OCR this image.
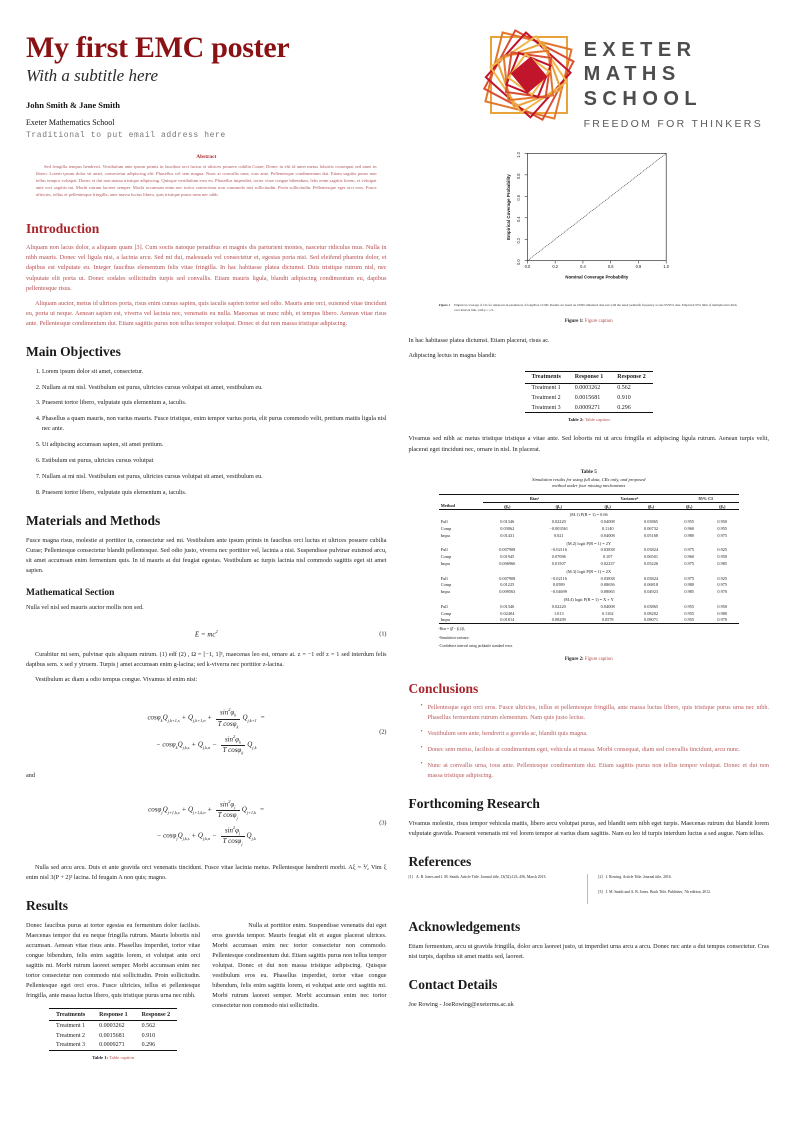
My first EMC poster
With a subtitle here
John Smith & Jane Smith
Exeter Mathematics School
Traditional to put email address here
EXETER
MATHS
SCHOOL
FREEDOM FOR THINKERS
Abstract

Sed fringilla tempus hendrerit. Vestibulum ante ipsum primis in faucibus orci luctus et ultrices posuere cubilia Curae; Donec in elit id amet metus lobortis consequat sed amet in libero. Lorem ipsum dolor sit amet, consectetur adipiscing elit. Phasellus vel sem magna. Nunc at convallis urna, ious ante. Pellentesque condimentum dui. Etiam sagittis purus non tellus tempor volutpat. Donec et dui non massa tristique adipiscing. Quisque vestibulum eros eu. Phasellus imperdiet, tortor vitae congue bibendum, felis enim sagittis lorem, et volutpat ante orci sagittis mi. Morbi rutrum laoreet semper. Morbi accumsan enim nec tortor consectetur non commodo nisi sollicitudin. Proin sollicitudin. Pellentesque eget orci eros. Fusce ultricies, tellus et pellentesque fringilla, ante massa luctus libero, quis tristique purus urna nec nibh.

Introduction

Aliquam non lacus dolor, a aliquam quam [3]. Cum sociis natoque penatibus et magnis dis parturient montes, nascetur ridiculus mus. Nulla in nibh mauris. Donec vel ligula nisi, a lacinia arcu. Sed mi dui, malesuada vel consectetur et, egestas porta nisi. Sed eleifend pharetra dolor, et dapibus est vulputate eu. Integer faucibus elementum felis vitae fringilla. In hac habitasse platea dictumst. Duis tristique rutrum nisl, nec vulputate elit porta ut. Donec sodales sollicitudin turpis sed convallis. Etiam mauris ligula, blandit adipiscing condimentum eu, dapibus pellentesque risus.

Aliquam auctor, metus id ultrices porta, risus enim cursus sapien, quis iaculis sapien tortor sed odio. Mauris ante orci, euismod vitae tincidunt eu, porta ut neque. Aenean sapien est, viverra vel lacinia nec, venenatis eu nulla. Maecenas ut nunc nibh, et tempus libero. Aenean vitae risus ante. Pellentesque condimentum dui. Etiam sagittis purus non tellus tempor volutpat. Donec et dui non massa tristique adipiscing.

Main Objectives
1. Lorem ipsum dolor sit amet, consectetur.
2. Nullam at mi nisl. Vestibulum est purus, ultricies cursus volutpat sit amet, vestibulum eu.
3. Praesent tortor libero, vulputate quis elementum a, iaculis.
4. Phasellus a quam mauris, non varius mauris. Fusce tristique, enim tempor varius porta, elit purus commodo velit, pretium mattis ligula nisl nec ante.
5. Ut adipiscing accumsan sapien, sit amet pretium.
6. Estibulum est purus, ultricies cursus volutpat
7. Nullam at mi nisl. Vestibulum est purus, ultricies cursus volutpat sit amet, vestibulum eu.
8. Praesent tortor libero, vulputate quis elementum a, iaculis.
Materials and Methods

Fusce magna risus, molestie at porttitor in, consectetur sed mi. Vestibulum ante ipsum primis in faucibus orci luctus et ultrices posuere cubilia Curae; Pellentesque consectetur blandit pellentesque. Sed odio justo, viverra nec porttitor vel, lacinia a nisi. Suspendisse pulvinar euismod arcu, sit amet accumsan enim fermentum quis. In id mauris at dui feugiat egestas. Vestibulum ac turpis lacinia nisl commodo sagittis eget sit amet sapien.

Mathematical Section

Nulla vel nisl sed mauris auctor mollis non sed.

$E = mc^2$	(1)

Curabitur mi sem, pulvinar quis aliquam rutrum. (1) edf (2) , Ω = [−1, 1]³, maecenas leo est, ornare at. z = −1 edf z = 1 sed interdum felis dapibus sem. x sed y ytruem. Turpis j amet accumsan enim g-lacina; sed k-viverra nec porttitor z-lacina.

Vestibulum ac diam a odio tempus congue. Vivamus id enim nisi:

$\cos\varphi_kQ_{j,k+1,s} + Q_{j,k+1,n} + \frac{\sin^2\varphi_k}{T \cos\varphi_k} Q_{j,k+1}$  =
− $\cos\varphi_kQ_{j,k,s} + Q_{j,k,n} - \frac{\sin^2\varphi_k}{T \cos\varphi_k} Q_{j,k}$
(2)

and

$\cos\varphi_jQ_{j+1,k,s} + Q_{j+1,k,n} + \frac{\sin^2\varphi_j}{T \cos\varphi_j} Q_{j+1,k}$  =
− $\cos\varphi_jQ_{j,k,s} + Q_{j,k,n} - \frac{\sin^2\varphi_j}{T \cos\varphi_j} Q_{j,k}$
(3)

Nulla sed arcu arcu. Duis et ante gravida orci venenatis tincidunt. Fusce vitae lacinia metus. Pellentesque hendrerit morbi. Aξ = ⅟₂ Vim ξ enim nisl 3(P + 2)³ lacina. Id feugain A non quis; magno.

Results

Donec faucibus purus at tortor egestas eu fermentum dolor facilisis. Maecenas tempor dui eu neque fringilla rutrum. Mauris lobortis nisl accumsan. Aenean vitae risus ante. Phasellus imperdiet, tortor vitae congue bibendum, felis enim sagittis lorem, et volutpat ante orci sagittis mi. Morbi rutrum laoreet semper. Morbi accumsan enim nec tortor consectetur non commodo nisi sollicitudin. Proin sollicitudin. Pellentesque eget orci eros. Fusce ultricies, tellus et pellentesque fringilla, ante massa luctus libero, quis tristique purus urna nec nibh.

Treatments	Response 1	Response 2
Treatment 1	0.0003262	0.562
Treatment 2	0.0015681	0.910
Treatment 3	0.0009271	0.296
Table 1: Table caption

Nulla at porttitor enim. Suspendisse venenatis dui eget eros gravida tempor. Mauris feugiat elit et augue placerat ultrices. Morbi accumsan enim nec tortor consectetur non commodo. Pellentesque condimentum dui. Etiam sagittis purus non tellus tempor volutpat. Donec et dui non massa tristique adipiscing. Quisque vestibulum eros eu. Phasellus imperdiet, tortor vitae congue bibendum, felis enim sagittis lorem, et volutpat ante orci sagittis mi. Morbi rutrum laoreet semper. Morbi accumsan enim nec tortor consectetur non commodo nisi sollicitudin.

0.0	0.2	0.4	0.6	0.8	1.0
0.0
0.2
0.4
0.6
0.8
1.0
Nominal Coverage Probability
Empirical Coverage Probability
Figure 1 Empirical coverage of CIs for unknown-nl parameters of lengthvar CCMI. Results are based on 10000 simulated data sets with the usual jackknife frequency at size 95/95% data. Empirical 95% limit of multiplicative thick over interval link, with p = 1/2.
Figure 1: Figure caption

In hac habitasse platea dictumst. Etiam placerat, risus ac.

Adipiscing lectus in magna blandit:

Treatments	Response 1	Response 2
Treatment 1	0.0003262	0.562
Treatment 2	0.0015681	0.910
Treatment 3	0.0009271	0.296
Table 2: Table caption

Vivamus sed nibh ac metus tristique tristique a vitae ante. Sed lobortis mi ut arcu fringilla et adipiscing ligula rutrum. Aenean turpis velit, placerat eget tincidunt nec, ornare in nisl. In placerat.

Table 5
Simulation results for using full data, CRs only, and proposed
method under four missing mechanisms
	Biasᵃ		Varianceᵇ		95% CI	
Method	(βₐ)	(βₓ)	(βₐ)	(βₓ)	(βₐ)	(βₓ)
(M.1) P(R = 1) = 0.66						
Full	0.01346	0.02220	0.04008	0.03865	0.955	0.950
Comp	0.03062	−0.003561	0.1140	0.06732	0.960	0.955
Impu	0.01431	0.021	0.04008	0.05168	0.980	0.975
(M.2) logit P(R = 1) = 2Y						
Full	0.007908	−0.02116	0.03838	0.03824	0.975	0.925
Comp	0.01945	0.07086	0.107	0.06501	0.960	0.950
Impu	0.006966	0.01507	0.02237	0.05226	0.975	0.985
(M.3) logit P(R = 1) = 2X						
Full	0.007908	−0.02116	0.03838	0.03824	0.975	0.925
Comp	0.01225	0.0589	0.08656	0.06818	0.980	0.975
Impu	0.009563	−0.04699	0.08065	0.04923	0.985	0.970
(M.4) logit P(R = 1) = X + Y						
Full	0.01346	0.02220	0.04008	0.03865	0.955	0.950
Comp	0.02404	1.013	0.1102	0.08202	0.955	0.980
Impu	0.01814	0.08289	0.0578	0.08071	0.955	0.970
ᵃBias = (β̂ − β₀)/β₀
ᵇSimulation variance.
ᶜConfidence interval using jackknife standard error.
Figure 2: Figure caption
Conclusions
• Pellentesque eget orci eros. Fusce ultricies, tellus et pellentesque fringilla, ante massa luctus libero, quis tristique purus urna nec nibh. Phasellus fermentum rutrum elementum. Nam quis justo lectus.
• Vestibulum sem ante, hendrerit a gravida ac, blandit quis magna.
• Donec sem metus, facilisis at condimentum eget, vehicula at massa. Morbi consequat, diam sed convallis tincidunt, arcu nunc.
• Nunc at convallis urna, ious ante. Pellentesque condimentum dui. Etiam sagittis purus non tellus tempor volutpat. Donec et dui non massa tristique adipiscing.
Forthcoming Research

Vivamus molestie, risus tempor vehicula mattis, libero arcu volutpat purus, sed blandit sem nibh eget turpis. Maecenas rutrum dui blandit lorem vulputate gravida. Praesent venenatis mi vel lorem tempor at varius diam sagittis. Nam eu leo id turpis interdum luctus a sed augue. Nam tellus.

References
[1] A. B. Jones and J. M. Smith. Article Title. Journal title, 13(52):123–456, March 2013.	[2] J. Rowing. Article Title. Journal title, 2016.
[3] J. M. Smith and A. B. Jones. Book Title. Publisher, 7th edition, 2012.
Acknowledgements

Etiam fermentum, arcu ut gravida fringilla, dolor arcu laoreet justo, ut imperdiet urna arcu a arcu. Donec nec ante a dui tempus consectetur. Cras nisi turpis, dapibus sit amet mattis sed, laoreet.

Contact Details

Joe Rowing - JoeRowing@exeterms.ac.uk
